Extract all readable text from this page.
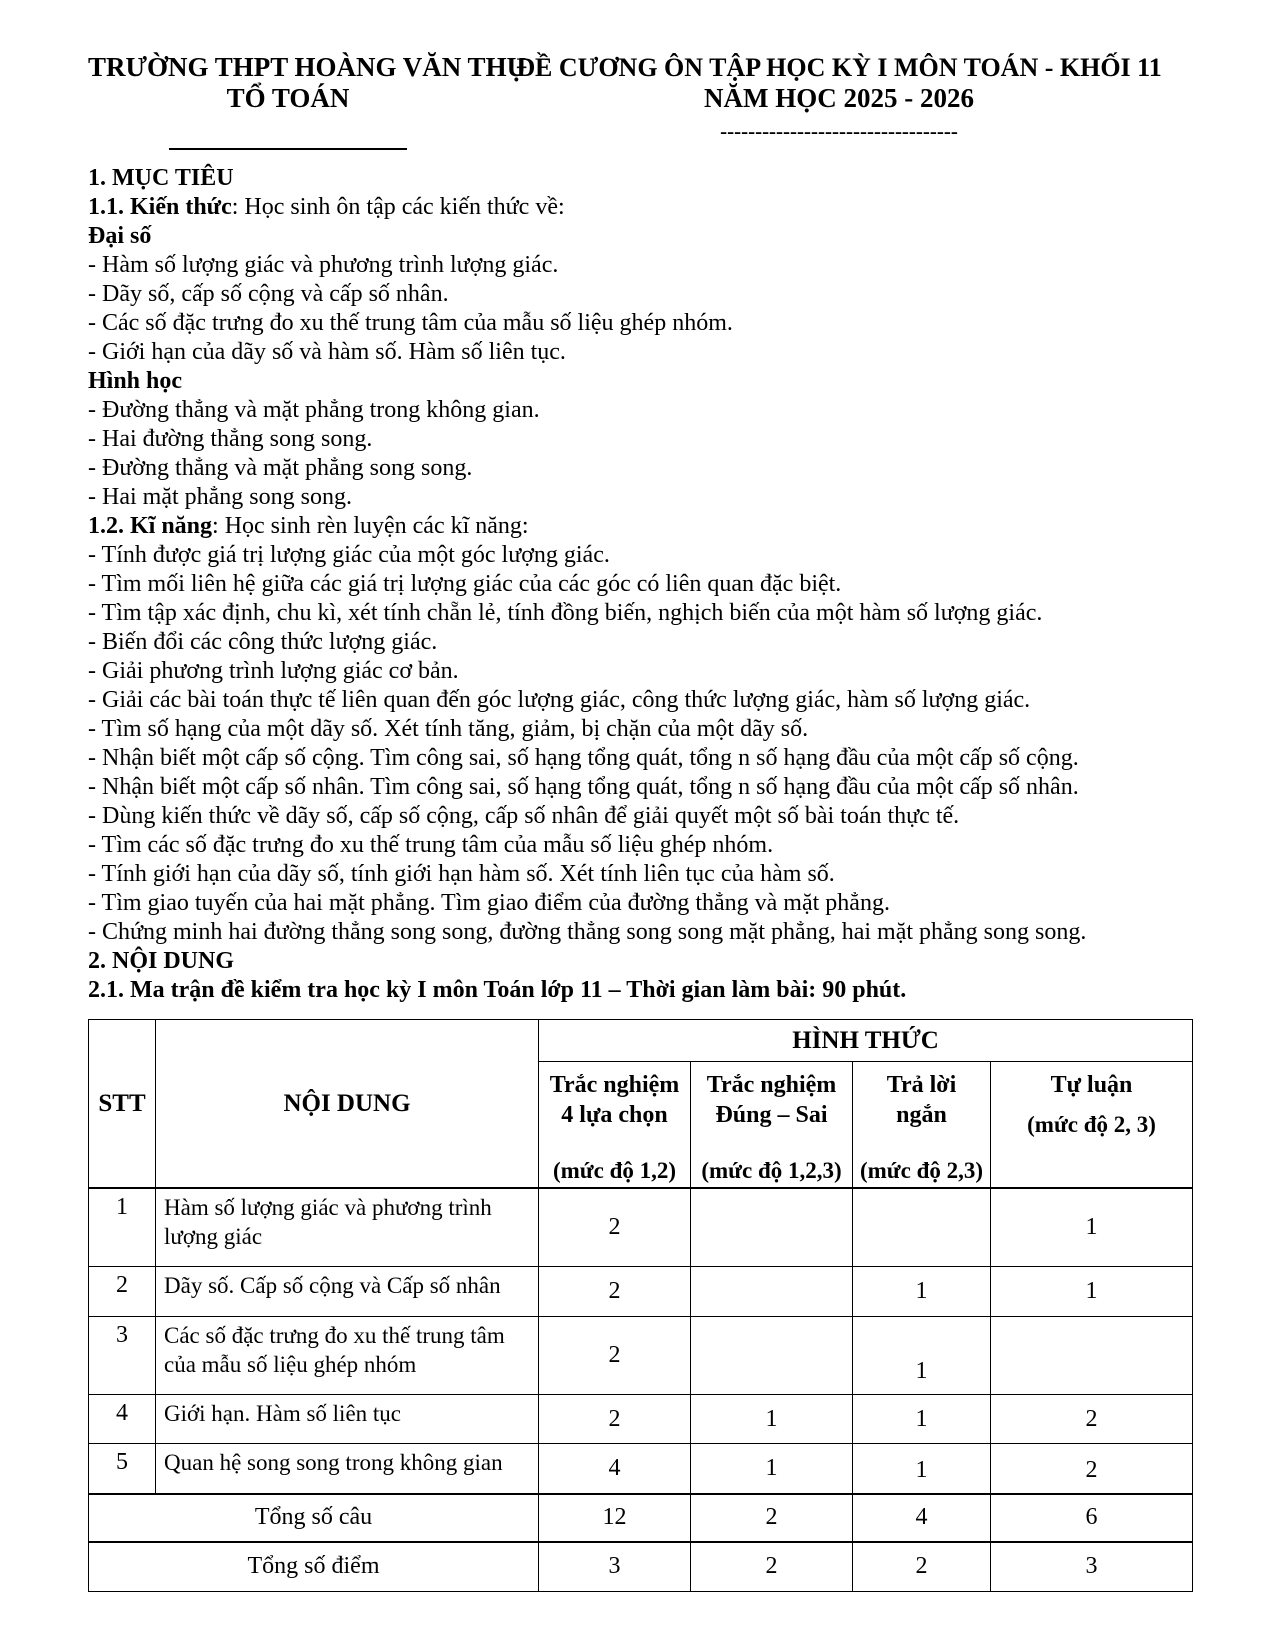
TRƯỜNG THPT HOÀNG VĂN THỤ
TỔ TOÁN
ĐỀ CƯƠNG ÔN TẬP HỌC KỲ I MÔN TOÁN - KHỐI 11
NĂM HỌC 2025 - 2026
----------------------------------

1. MỤC TIÊU

1.1. Kiến thức: Học sinh ôn tập các kiến thức về:

Đại số

- Hàm số lượng giác và phương trình lượng giác.

- Dãy số, cấp số cộng và cấp số nhân.

- Các số đặc trưng đo xu thế trung tâm của mẫu số liệu ghép nhóm.

- Giới hạn của dãy số và hàm số. Hàm số liên tục.

Hình học

- Đường thẳng và mặt phẳng trong không gian.

- Hai đường thẳng song song.

- Đường thẳng và mặt phẳng song song.

- Hai mặt phẳng song song.

1.2. Kĩ năng: Học sinh rèn luyện các kĩ năng:

- Tính được giá trị lượng giác của một góc lượng giác.

- Tìm mối liên hệ giữa các giá trị lượng giác của các góc có liên quan đặc biệt.

- Tìm tập xác định, chu kì, xét tính chẵn lẻ, tính đồng biến, nghịch biến của một hàm số lượng giác.

- Biến đổi các công thức lượng giác.

- Giải phương trình lượng giác cơ bản.

- Giải các bài toán thực tế liên quan đến góc lượng giác, công thức lượng giác, hàm số lượng giác.

- Tìm số hạng của một dãy số. Xét tính tăng, giảm, bị chặn của một dãy số.

- Nhận biết một cấp số cộng. Tìm công sai, số hạng tổng quát, tổng n số hạng đầu của một cấp số cộng.

- Nhận biết một cấp số nhân. Tìm công sai, số hạng tổng quát, tổng n số hạng đầu của một cấp số nhân.

- Dùng kiến thức về dãy số, cấp số cộng, cấp số nhân để giải quyết một số bài toán thực tế.

- Tìm các số đặc trưng đo xu thế trung tâm của mẫu số liệu ghép nhóm.

- Tính giới hạn của dãy số, tính giới hạn hàm số. Xét tính liên tục của hàm số.

- Tìm giao tuyến của hai mặt phẳng. Tìm giao điểm của đường thẳng và mặt phẳng.

- Chứng minh hai đường thẳng song song, đường thẳng song song mặt phẳng, hai mặt phẳng song song.

2. NỘI DUNG

2.1. Ma trận đề kiểm tra học kỳ I môn Toán lớp 11 – Thời gian làm bài: 90 phút.

STT	NỘI DUNG	HÌNH THỨC			

Trắc nghiệm
4 lựa chọn
(mức độ 1,2)

Trắc nghiệm
Đúng – Sai
(mức độ 1,2,3)

Trả lời
ngắn
(mức độ 2,3)

Tự luận
(mức độ 2, 3)

1	Hàm số lượng giác và phương trình lượng giác	2			1
2	Dãy số. Cấp số cộng và Cấp số nhân	2		1	1
3	Các số đặc trưng đo xu thế trung tâm của mẫu số liệu ghép nhóm	2		1	
4	Giới hạn. Hàm số liên tục	2	1	1	2
5	Quan hệ song song trong không gian	4	1	1	2
Tổng số câu		12	2	4	6
Tổng số điểm		3	2	2	3
